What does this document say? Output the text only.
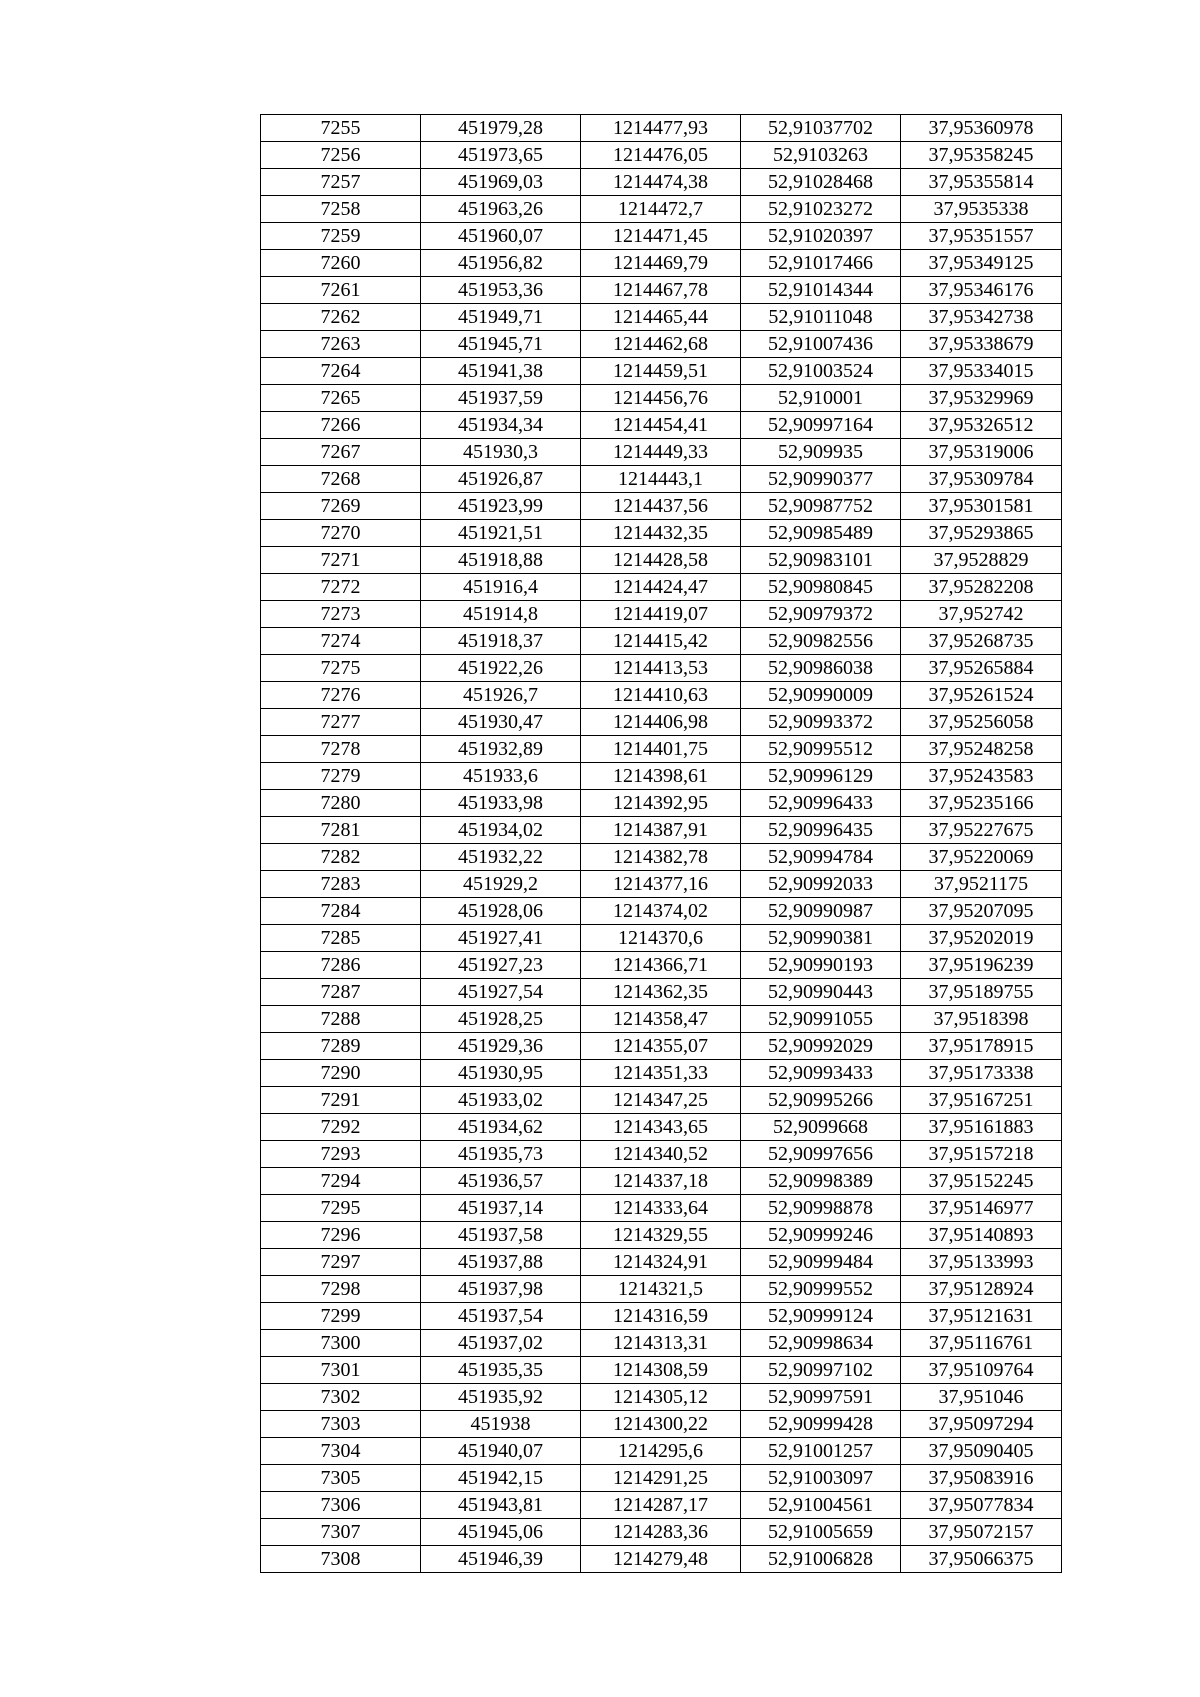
7255	451979,28	1214477,93	52,91037702	37,95360978
7256	451973,65	1214476,05	52,9103263	37,95358245
7257	451969,03	1214474,38	52,91028468	37,95355814
7258	451963,26	1214472,7	52,91023272	37,9535338
7259	451960,07	1214471,45	52,91020397	37,95351557
7260	451956,82	1214469,79	52,91017466	37,95349125
7261	451953,36	1214467,78	52,91014344	37,95346176
7262	451949,71	1214465,44	52,91011048	37,95342738
7263	451945,71	1214462,68	52,91007436	37,95338679
7264	451941,38	1214459,51	52,91003524	37,95334015
7265	451937,59	1214456,76	52,910001	37,95329969
7266	451934,34	1214454,41	52,90997164	37,95326512
7267	451930,3	1214449,33	52,909935	37,95319006
7268	451926,87	1214443,1	52,90990377	37,95309784
7269	451923,99	1214437,56	52,90987752	37,95301581
7270	451921,51	1214432,35	52,90985489	37,95293865
7271	451918,88	1214428,58	52,90983101	37,9528829
7272	451916,4	1214424,47	52,90980845	37,95282208
7273	451914,8	1214419,07	52,90979372	37,952742
7274	451918,37	1214415,42	52,90982556	37,95268735
7275	451922,26	1214413,53	52,90986038	37,95265884
7276	451926,7	1214410,63	52,90990009	37,95261524
7277	451930,47	1214406,98	52,90993372	37,95256058
7278	451932,89	1214401,75	52,90995512	37,95248258
7279	451933,6	1214398,61	52,90996129	37,95243583
7280	451933,98	1214392,95	52,90996433	37,95235166
7281	451934,02	1214387,91	52,90996435	37,95227675
7282	451932,22	1214382,78	52,90994784	37,95220069
7283	451929,2	1214377,16	52,90992033	37,9521175
7284	451928,06	1214374,02	52,90990987	37,95207095
7285	451927,41	1214370,6	52,90990381	37,95202019
7286	451927,23	1214366,71	52,90990193	37,95196239
7287	451927,54	1214362,35	52,90990443	37,95189755
7288	451928,25	1214358,47	52,90991055	37,9518398
7289	451929,36	1214355,07	52,90992029	37,95178915
7290	451930,95	1214351,33	52,90993433	37,95173338
7291	451933,02	1214347,25	52,90995266	37,95167251
7292	451934,62	1214343,65	52,9099668	37,95161883
7293	451935,73	1214340,52	52,90997656	37,95157218
7294	451936,57	1214337,18	52,90998389	37,95152245
7295	451937,14	1214333,64	52,90998878	37,95146977
7296	451937,58	1214329,55	52,90999246	37,95140893
7297	451937,88	1214324,91	52,90999484	37,95133993
7298	451937,98	1214321,5	52,90999552	37,95128924
7299	451937,54	1214316,59	52,90999124	37,95121631
7300	451937,02	1214313,31	52,90998634	37,95116761
7301	451935,35	1214308,59	52,90997102	37,95109764
7302	451935,92	1214305,12	52,90997591	37,951046
7303	451938	1214300,22	52,90999428	37,95097294
7304	451940,07	1214295,6	52,91001257	37,95090405
7305	451942,15	1214291,25	52,91003097	37,95083916
7306	451943,81	1214287,17	52,91004561	37,95077834
7307	451945,06	1214283,36	52,91005659	37,95072157
7308	451946,39	1214279,48	52,91006828	37,95066375
